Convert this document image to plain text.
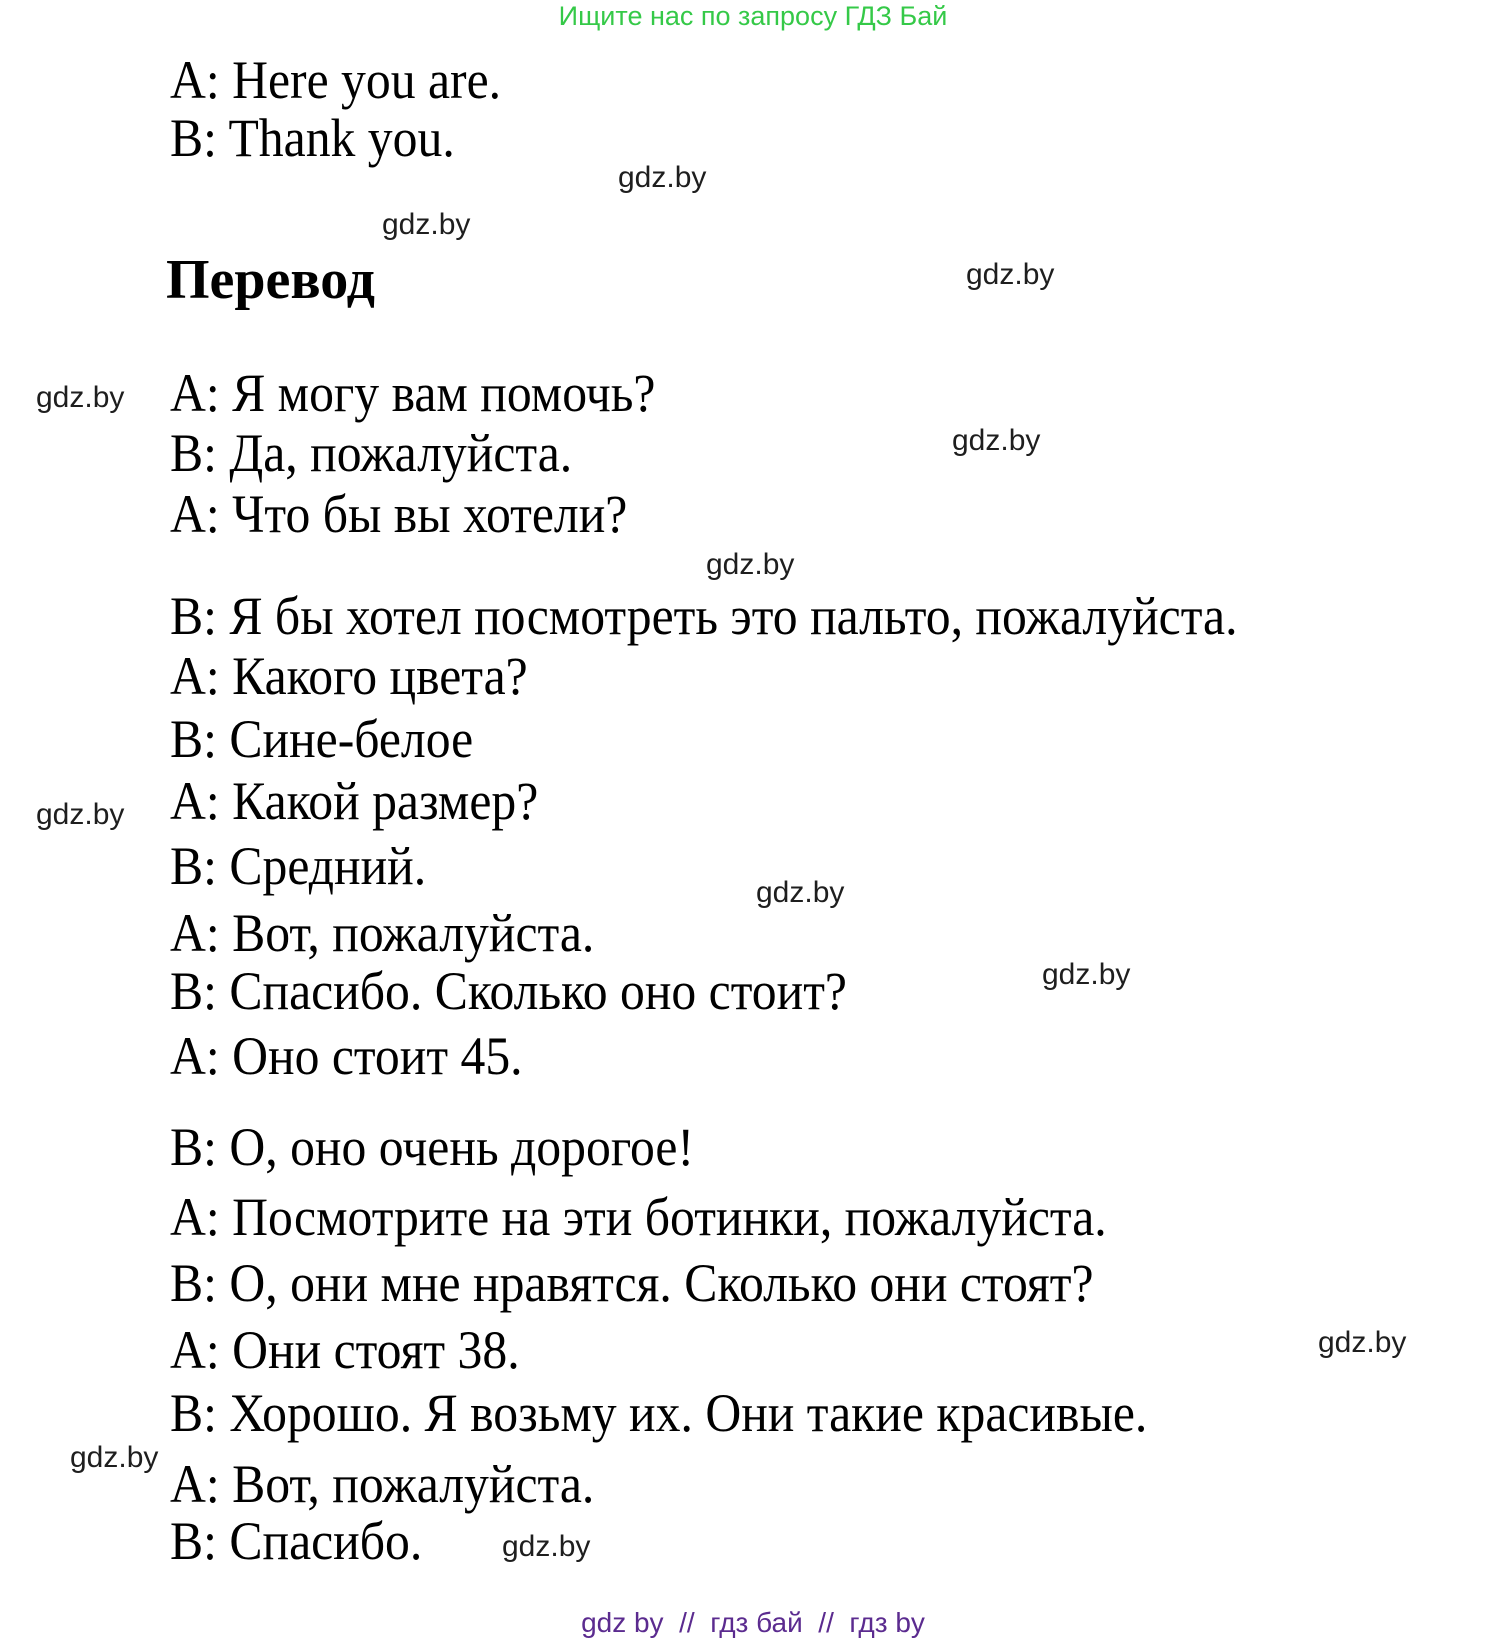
Ищите нас по запросу ГДЗ Бай
A: Here you are.
B: Thank you.
Перевод
A: Я могу вам помочь?
B: Да, пожалуйста.
A: Что бы вы хотели?
B: Я бы хотел посмотреть это пальто, пожалуйста.
A: Какого цвета?
B: Сине-белое
A: Какой размер?
B: Средний.
A: Вот, пожалуйста.
B: Спасибо. Сколько оно стоит?
A: Оно стоит 45.
B: О, оно очень дорогое!
A: Посмотрите на эти ботинки, пожалуйста.
B: О, они мне нравятся. Сколько они стоят?
A: Они стоят 38.
B: Хорошо. Я возьму их. Они такие красивые.
A: Вот, пожалуйста.
B: Спасибо.
gdz.by
gdz.by
gdz.by
gdz.by
gdz.by
gdz.by
gdz.by
gdz.by
gdz.by
gdz.by
gdz.by
gdz.by
gdz by  //  гдз бай  //  гдз by
